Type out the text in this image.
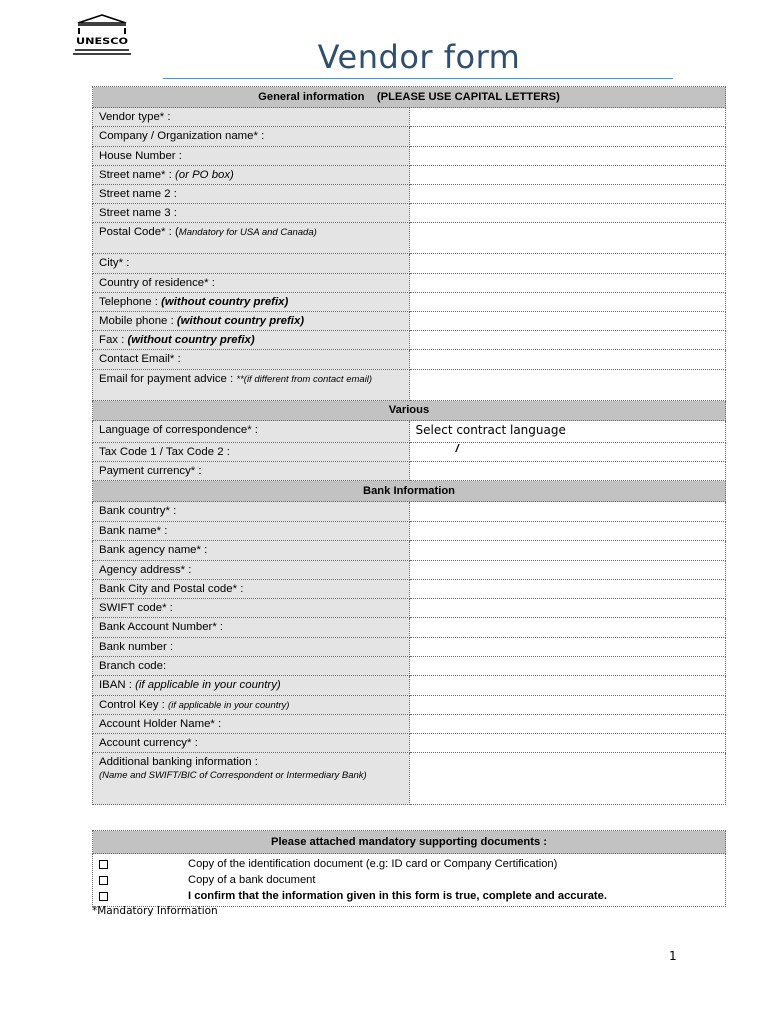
UNESCO	Vendor form
General information    (PLEASE USE CAPITAL LETTERS)	
Vendor type* :	
Company / Organization name* :	
House Number :	
Street name* : (or PO box)	
Street name 2 :	
Street name 3 :	
Postal Code* : (Mandatory for USA and Canada)	
City* :	
Country of residence* :	
Telephone : (without country prefix)	
Mobile phone : (without country prefix)	
Fax : (without country prefix)	
Contact Email* :	
Email for payment advice : **(if different from contact email)	
Various	
Language of correspondence* :	Select contract language
Tax Code 1 / Tax Code 2 :	/
Payment currency* :	
Bank Information	
Bank country* :	
Bank name* :	
Bank agency name* :	
Agency address* :	
Bank City and Postal code* :	
SWIFT code* :	
Bank Account Number* :	
Bank number :	
Branch code:	
IBAN : (if applicable in your country)	
Control Key : (if applicable in your country)	
Account Holder Name* :	
Account currency* :	

Additional banking information :
(Name and SWIFT/BIC of Correspondent or Intermediary Bank)	

Please attached mandatory supporting documents :

Copy of the identification document (e.g: ID card or Company Certification)
Copy of a bank document
I confirm that the information given in this form is true, complete and accurate.
*Mandatory Information
1
